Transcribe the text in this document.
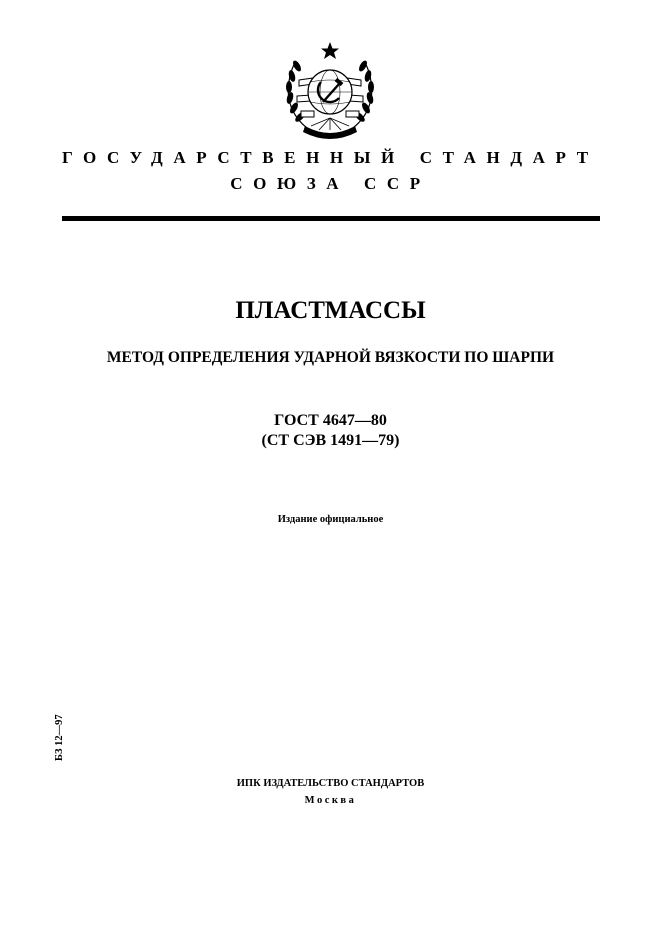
ГОСУДАРСТВЕННЫЙ СТАНДАРТ
СОЮЗА ССР
ПЛАСТМАССЫ
МЕТОД ОПРЕДЕЛЕНИЯ УДАРНОЙ ВЯЗКОСТИ ПО ШАРПИ
ГОСТ 4647—80
(СТ СЭВ 1491—79)
Издание официальное
БЗ 12—97
ИПК ИЗДАТЕЛЬСТВО СТАНДАРТОВ
Москва
